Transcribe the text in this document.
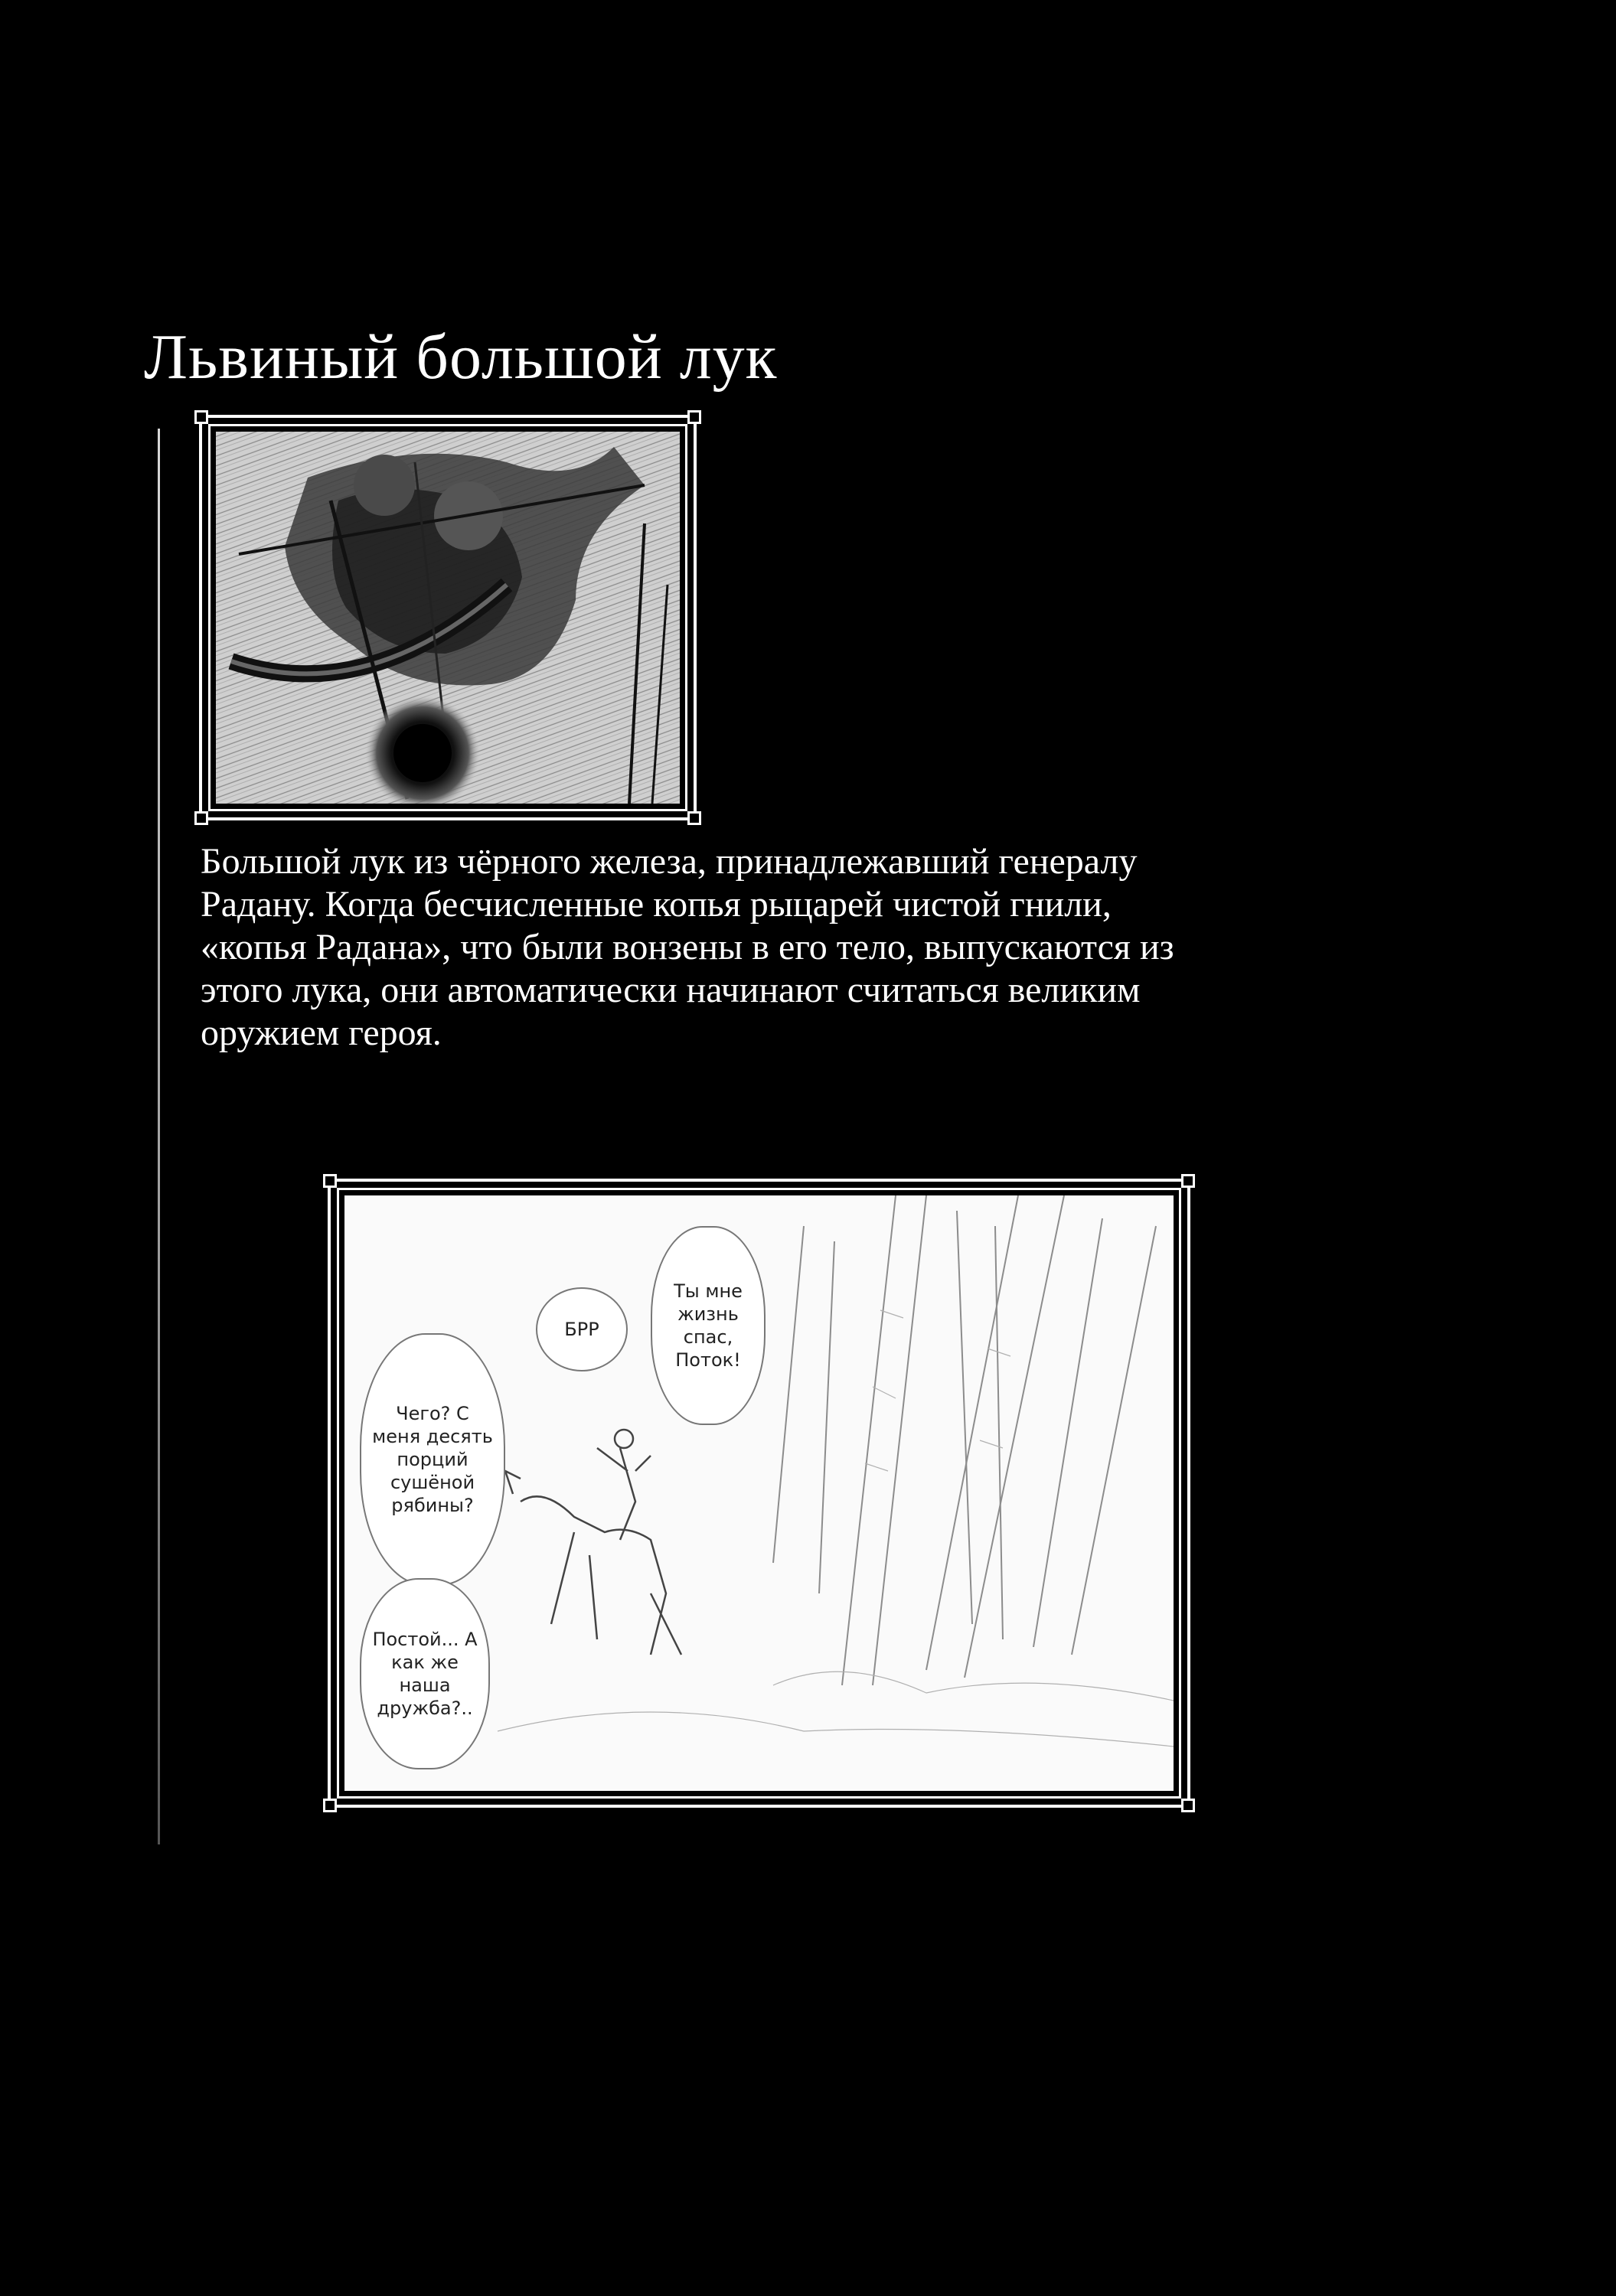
Львиный большой лук

Большой лук из чёрного железа, принадлежавший генералу Радану. Когда бесчисленные копья рыцарей чистой гнили, «копья Радана», что были вонзены в его тело, выпускаются из этого лука, они автоматически начинают считаться великим оружием героя.

БРР
Ты мне жизнь спас, Поток!
Чего? С меня десять порций сушёной рябины?
Постой... А как же наша дружба?..
